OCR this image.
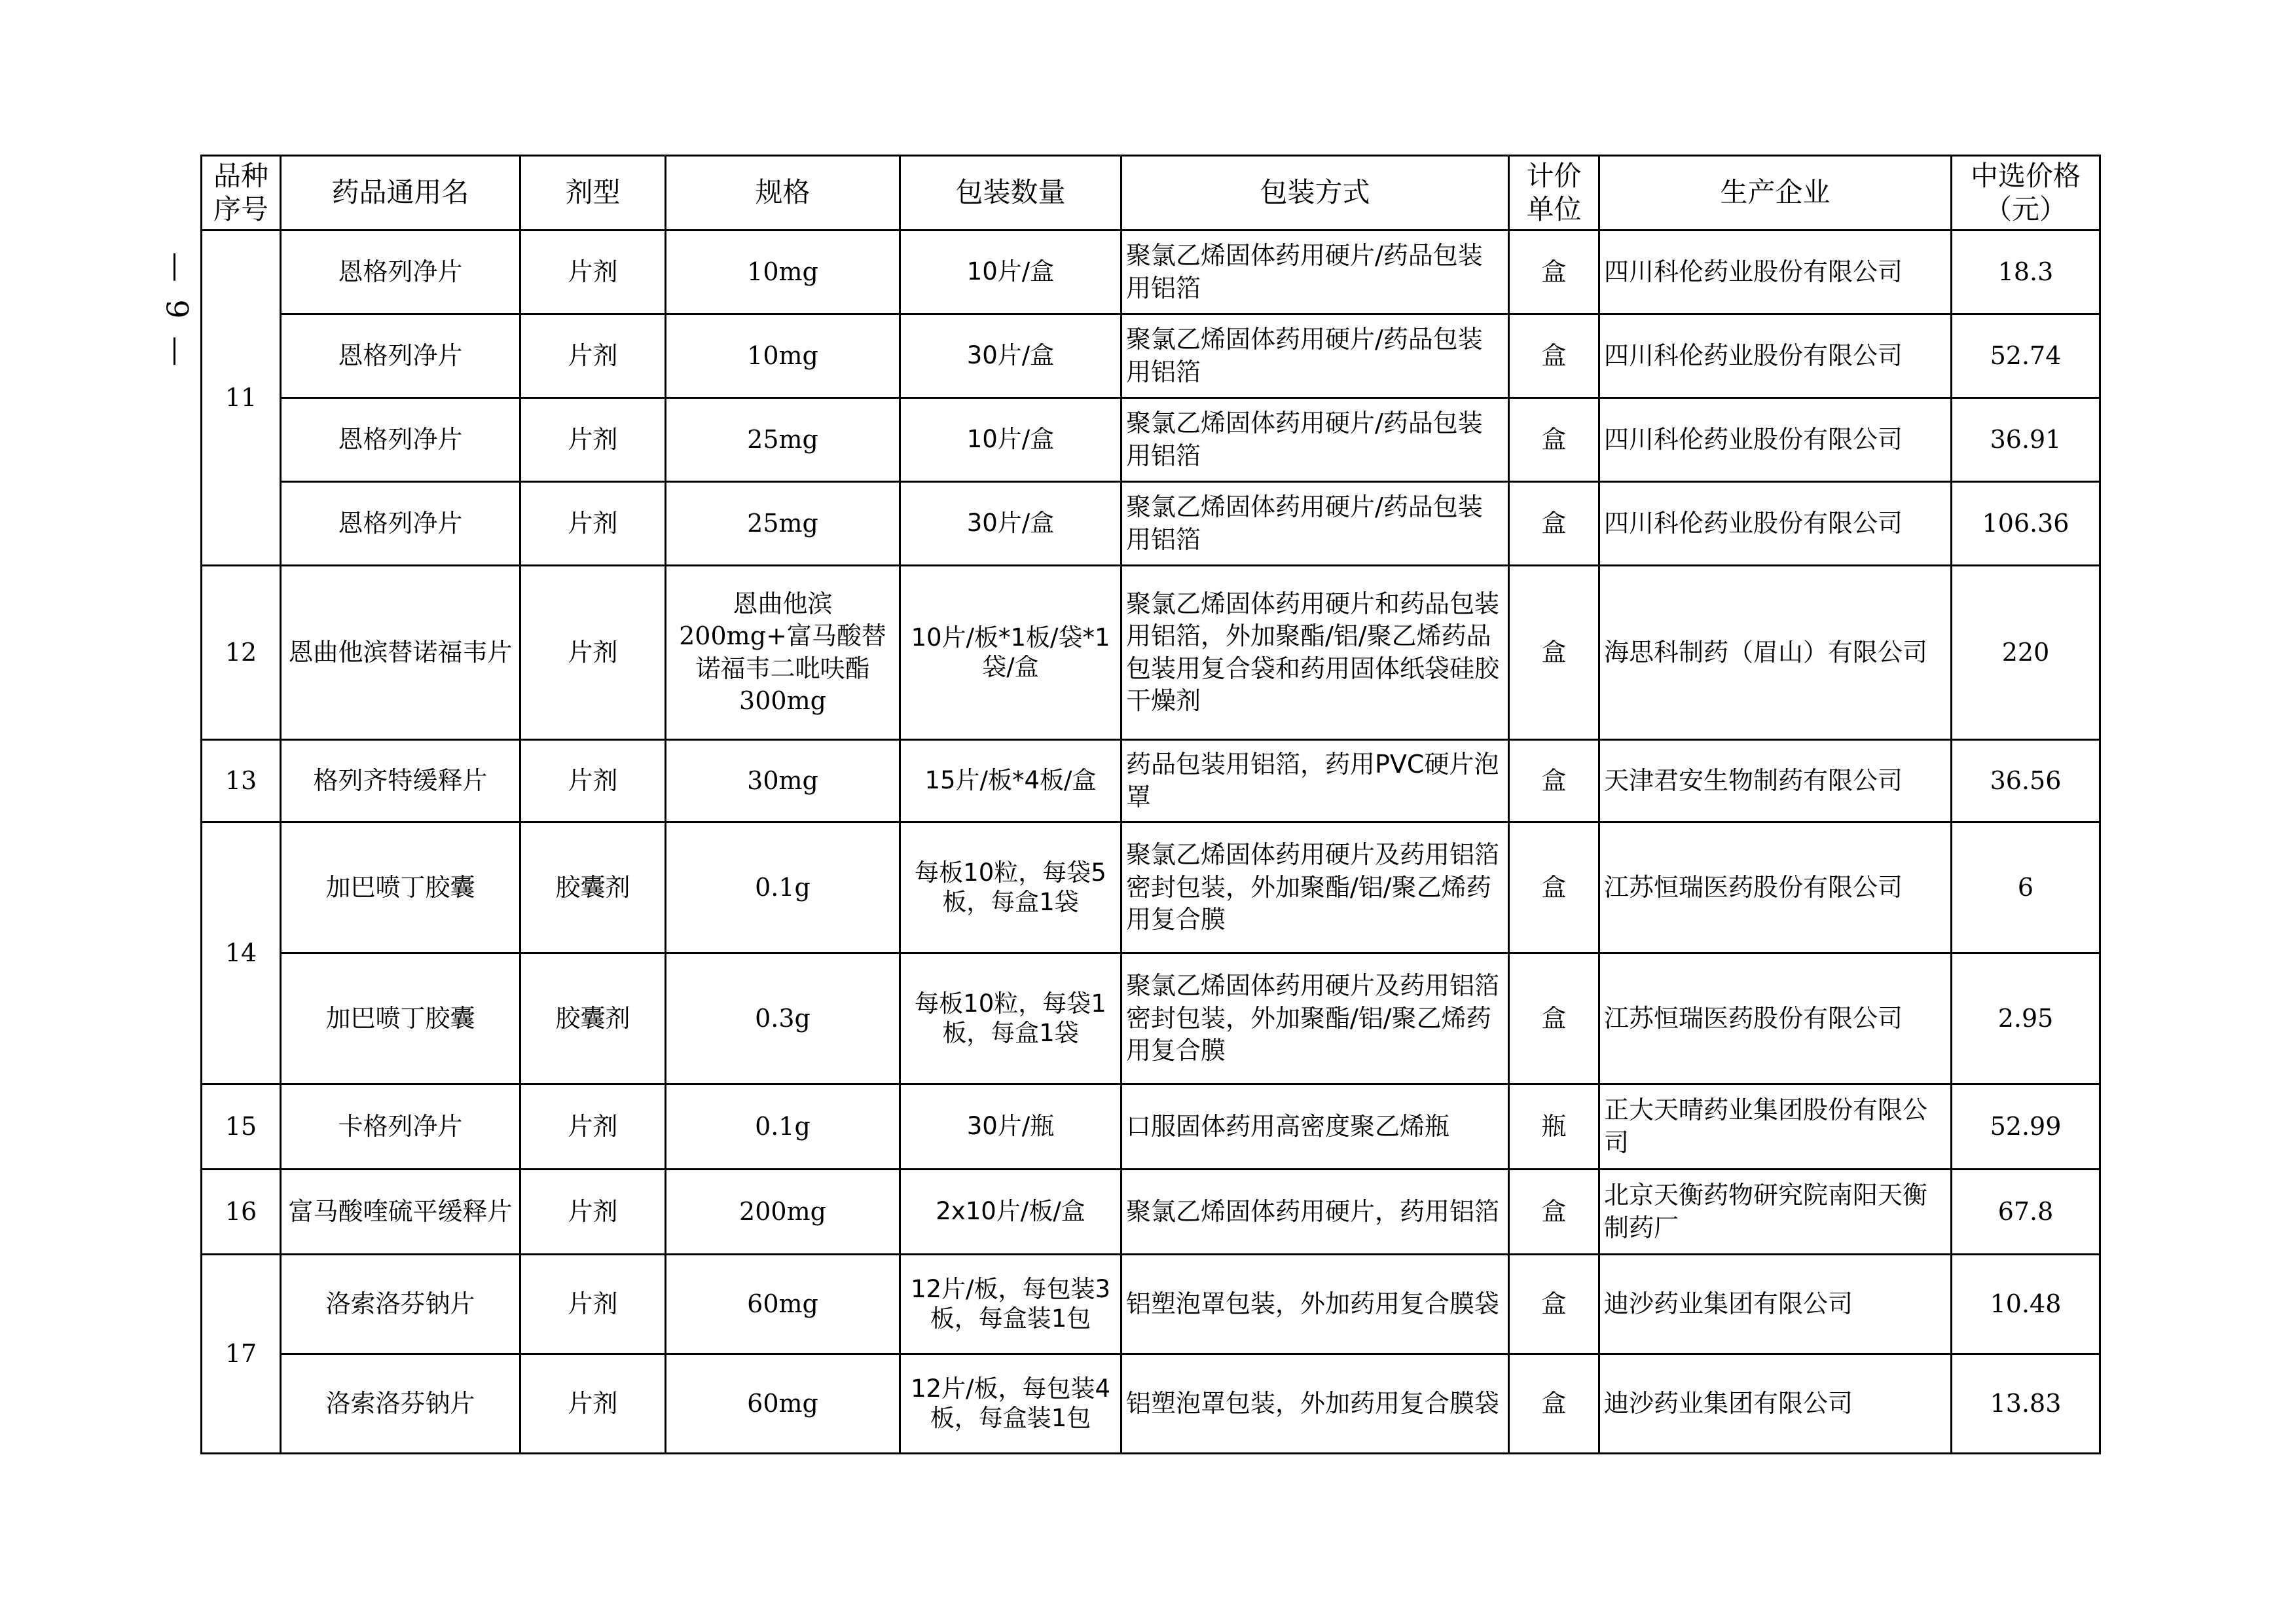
— 9 —
品种序号	药品通用名	剂型	规格	包装数量	包装方式	计价单位	生产企业	中选价格（元）
11	恩格列净片	片剂	10mg	10片/盒	聚氯乙烯固体药用硬片/药品包装用铝箔	盒	四川科伦药业股份有限公司	18.3
	恩格列净片	片剂	10mg	30片/盒	聚氯乙烯固体药用硬片/药品包装用铝箔	盒	四川科伦药业股份有限公司	52.74
	恩格列净片	片剂	25mg	10片/盒	聚氯乙烯固体药用硬片/药品包装用铝箔	盒	四川科伦药业股份有限公司	36.91
	恩格列净片	片剂	25mg	30片/盒	聚氯乙烯固体药用硬片/药品包装用铝箔	盒	四川科伦药业股份有限公司	106.36
12	恩曲他滨替诺福韦片	片剂	恩曲他滨200mg+富马酸替诺福韦二吡呋酯300mg	10片/板*1板/袋*1袋/盒	聚氯乙烯固体药用硬片和药品包装用铝箔，外加聚酯/铝/聚乙烯药品包装用复合袋和药用固体纸袋硅胶干燥剂	盒	海思科制药（眉山）有限公司	220
13	格列齐特缓释片	片剂	30mg	15片/板*4板/盒	药品包装用铝箔，药用PVC硬片泡罩	盒	天津君安生物制药有限公司	36.56
14	加巴喷丁胶囊	胶囊剂	0.1g	每板10粒，每袋5板，每盒1袋	聚氯乙烯固体药用硬片及药用铝箔密封包装，外加聚酯/铝/聚乙烯药用复合膜	盒	江苏恒瑞医药股份有限公司	6
	加巴喷丁胶囊	胶囊剂	0.3g	每板10粒，每袋1板，每盒1袋	聚氯乙烯固体药用硬片及药用铝箔密封包装，外加聚酯/铝/聚乙烯药用复合膜	盒	江苏恒瑞医药股份有限公司	2.95
15	卡格列净片	片剂	0.1g	30片/瓶	口服固体药用高密度聚乙烯瓶	瓶	正大天晴药业集团股份有限公司	52.99
16	富马酸喹硫平缓释片	片剂	200mg	2x10片/板/盒	聚氯乙烯固体药用硬片，药用铝箔	盒	北京天衡药物研究院南阳天衡制药厂	67.8
17	洛索洛芬钠片	片剂	60mg	12片/板，每包装3板，每盒装1包	铝塑泡罩包装，外加药用复合膜袋	盒	迪沙药业集团有限公司	10.48
	洛索洛芬钠片	片剂	60mg	12片/板，每包装4板，每盒装1包	铝塑泡罩包装，外加药用复合膜袋	盒	迪沙药业集团有限公司	13.83
